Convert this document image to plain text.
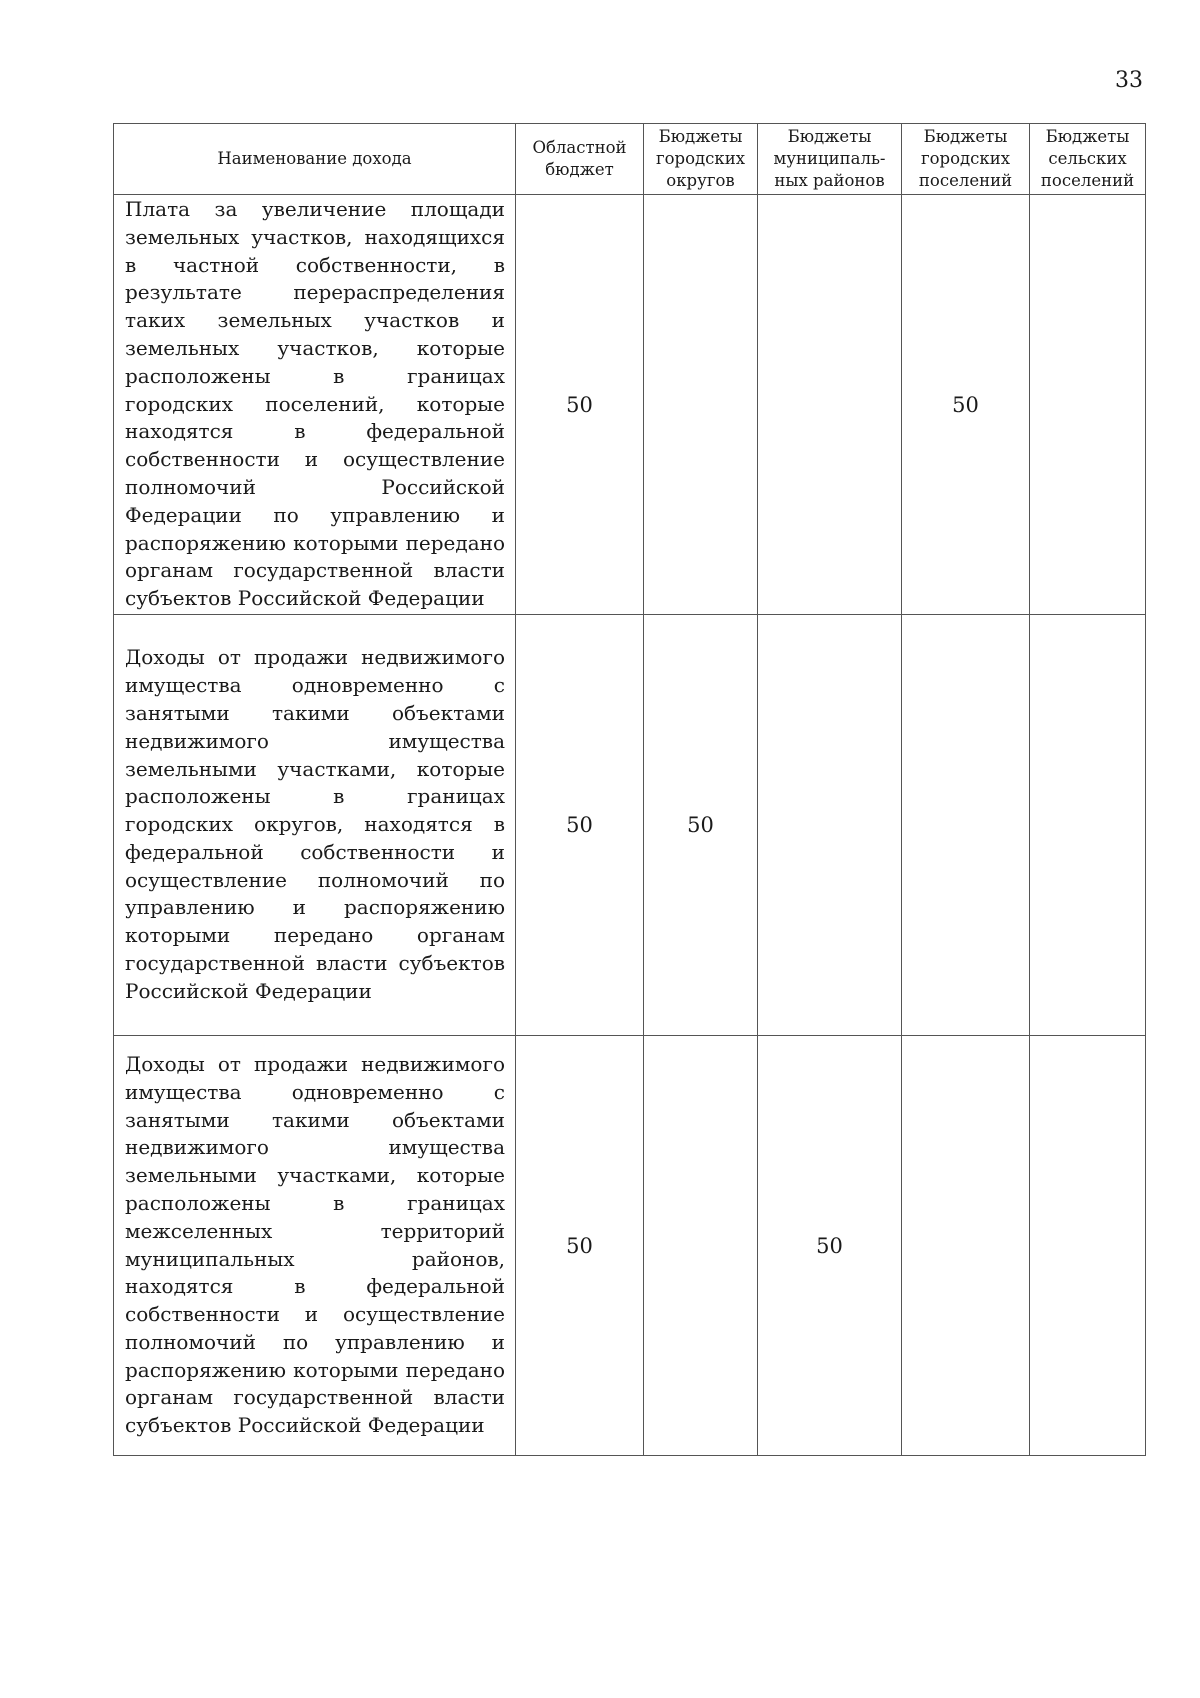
33
Наименование дохода	Областной бюджет	Бюджеты городских округов	Бюджеты муниципаль-ных районов	Бюджеты городских поселений	Бюджеты сельских поселений
Плата за увеличение площади земельных участков, находящихся в частной собственности, в результате перераспределения таких земельных участков и земельных участков, которые расположены в границах городских поселений, которые находятся в федеральной собственности и осуществление полномочий Российской Федерации по управлению и распоряжению которыми передано органам государственной власти субъектов Российской Федерации	50			50	
Доходы от продажи недвижимого имущества одновременно с занятыми такими объектами недвижимого имущества земельными участками, которые расположены в границах городских округов, находятся в федеральной собственности и осуществление полномочий по управлению и распоряжению которыми передано органам государственной власти субъектов Российской Федерации	50	50			
Доходы от продажи недвижимого имущества одновременно с занятыми такими объектами недвижимого имущества земельными участками, которые расположены в границах межселенных территорий муниципальных районов, находятся в федеральной собственности и осуществление полномочий по управлению и распоряжению которыми передано органам государственной власти субъектов Российской Федерации	50		50		
